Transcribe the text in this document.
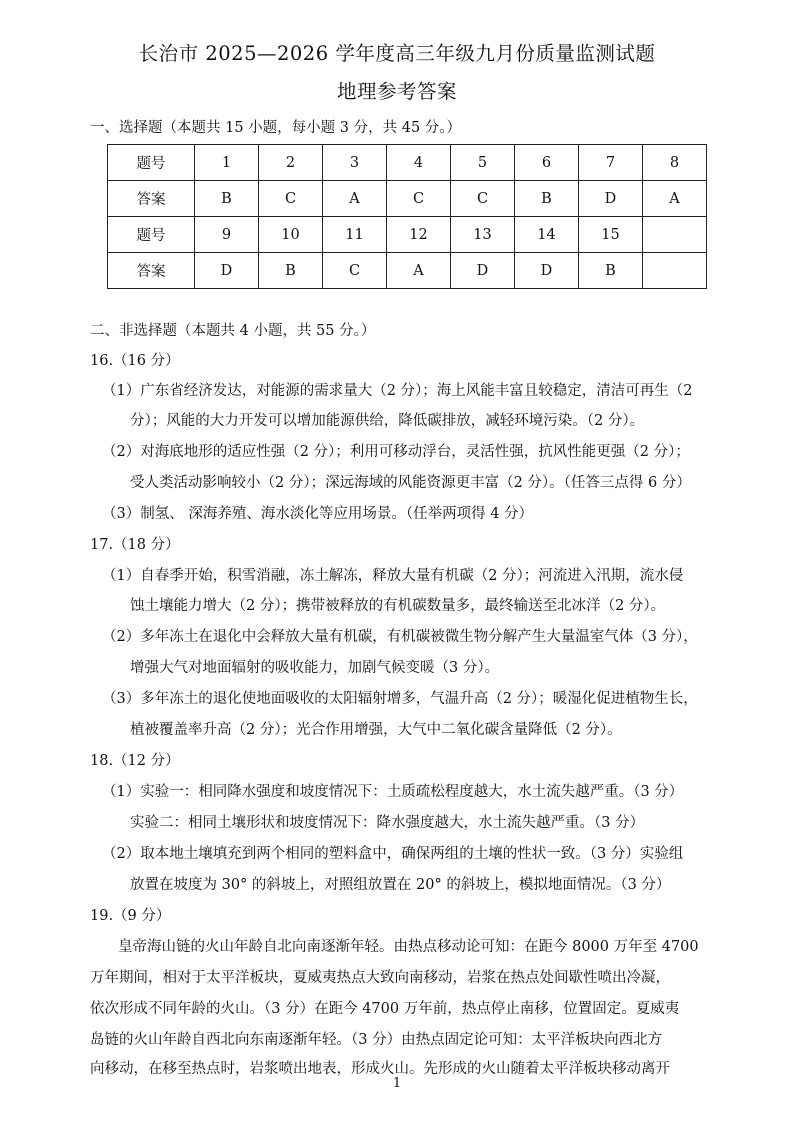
长治市 2025—2026 学年度高三年级九月份质量监测试题
地理参考答案
一、选择题（本题共 15 小题，每小题 3 分，共 45 分。）
题号	1	2	3	4	5	6	7	8
答案	B	C	A	C	C	B	D	A
题号	9	10	11	12	13	14	15	
答案	D	B	C	A	D	D	B	
二、非选择题（本题共 4 小题，共 55 分。）
16.（16 分）
（1）广东省经济发达，对能源的需求量大（2 分）；海上风能丰富且较稳定，清洁可再生（2
分）；风能的大力开发可以增加能源供给，降低碳排放，减轻环境污染。（2 分）。
（2）对海底地形的适应性强（2 分）；利用可移动浮台，灵活性强，抗风性能更强（2 分）；
受人类活动影响较小（2 分）；深远海域的风能资源更丰富（2 分）。（任答三点得 6 分）
（3）制氢、 深海养殖、海水淡化等应用场景。（任举两项得 4 分）
17.（18 分）
（1）自春季开始，积雪消融，冻土解冻，释放大量有机碳（2 分）；河流进入汛期，流水侵
蚀土壤能力增大（2 分）；携带被释放的有机碳数量多，最终输送至北冰洋（2 分）。
（2）多年冻土在退化中会释放大量有机碳，有机碳被微生物分解产生大量温室气体（3 分），
增强大气对地面辐射的吸收能力，加剧气候变暖（3 分）。
（3）多年冻土的退化使地面吸收的太阳辐射增多，气温升高（2 分）；暖湿化促进植物生长，
植被覆盖率升高（2 分）；光合作用增强，大气中二氧化碳含量降低（2 分）。
18.（12 分）
（1）实验一：相同降水强度和坡度情况下：土质疏松程度越大，水土流失越严重。（3 分）
实验二：相同土壤形状和坡度情况下：降水强度越大，水土流失越严重。（3 分）
（2）取本地土壤填充到两个相同的塑料盒中，确保两组的土壤的性状一致。（3 分）实验组
放置在坡度为 30° 的斜坡上，对照组放置在 20° 的斜坡上，模拟地面情况。（3 分）
19.（9 分）
皇帝海山链的火山年龄自北向南逐渐年轻。由热点移动论可知：在距今 8000 万年至 4700
万年期间，相对于太平洋板块，夏威夷热点大致向南移动，岩浆在热点处间歇性喷出冷凝，
依次形成不同年龄的火山。（3 分）在距今 4700 万年前，热点停止南移，位置固定。夏威夷
岛链的火山年龄自西北向东南逐渐年轻。（3 分）由热点固定论可知：太平洋板块向西北方
向移动，在移至热点时，岩浆喷出地表，形成火山。先形成的火山随着太平洋板块移动离开
1
